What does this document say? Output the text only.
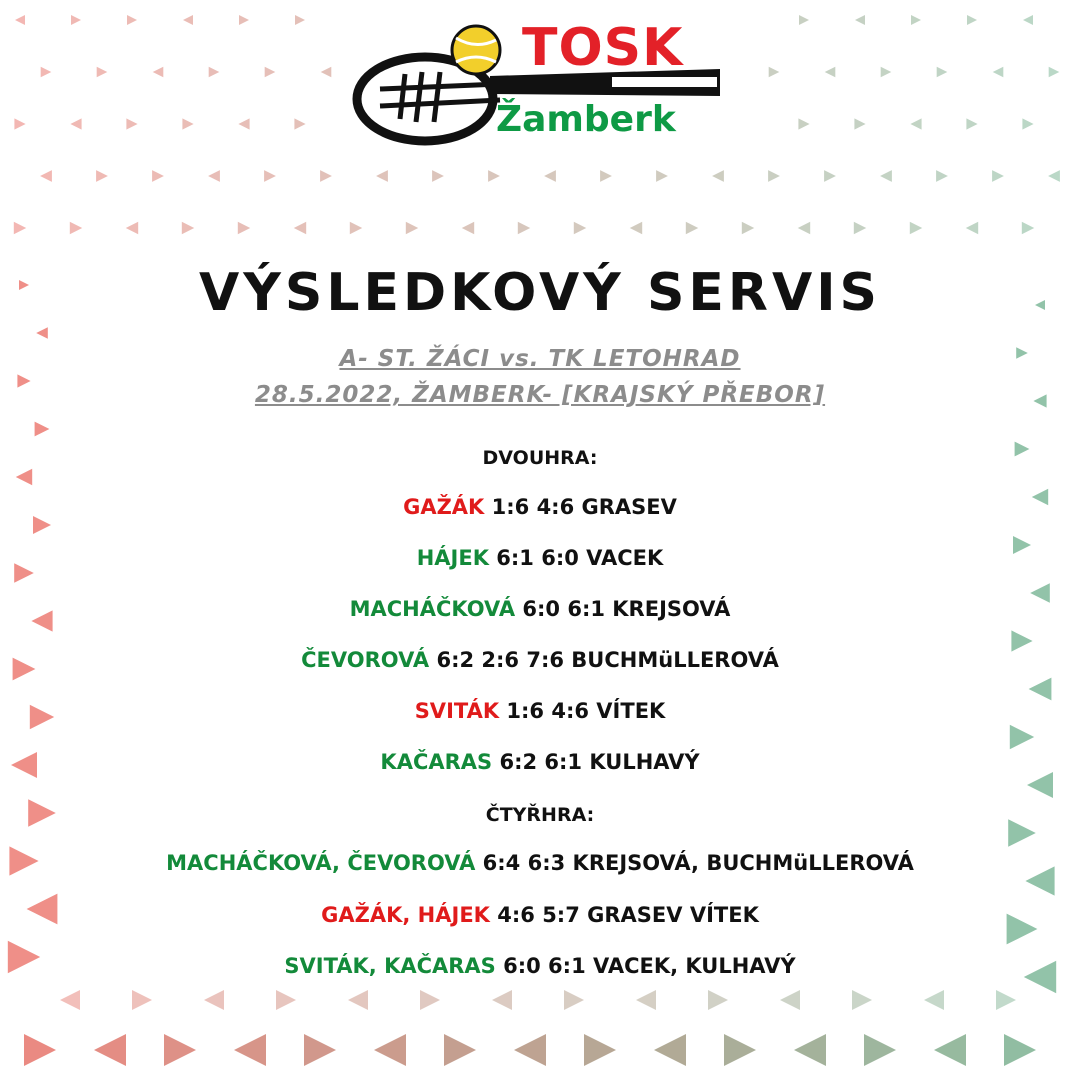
TOSK
Žamberk
VÝSLEDKOVÝ SERVIS
A- ST. ŽÁCI vs. TK LETOHRAD
28.5.2022, ŽAMBERK- [KRAJSKÝ PŘEBOR]
DVOUHRA:
GAŽÁK 1:6 4:6 GRASEV
HÁJEK 6:1 6:0 VACEK
MACHÁČKOVÁ 6:0 6:1 KREJSOVÁ
ČEVOROVÁ 6:2 2:6 7:6 BUCHMüLLEROVÁ
SVITÁK 1:6 4:6 VÍTEK
KAČARAS 6:2 6:1 KULHAVÝ
ČTYŘHRA:
MACHÁČKOVÁ, ČEVOROVÁ 6:4 6:3 KREJSOVÁ, BUCHMüLLEROVÁ
GAŽÁK, HÁJEK 4:6 5:7 GRASEV VÍTEK
SVITÁK, KAČARAS 6:0 6:1 VACEK, KULHAVÝ
